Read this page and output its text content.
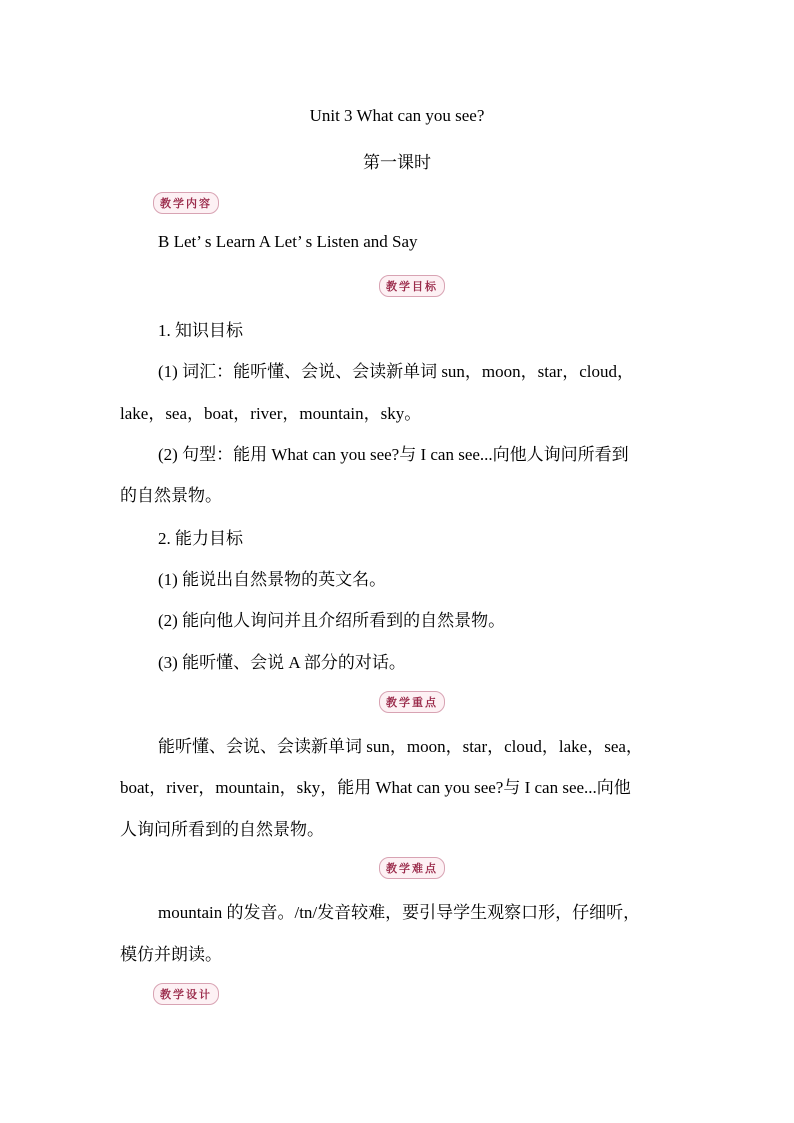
Unit 3 What can you see?
第一课时
教学内容
B Let’ s Learn A Let’ s Listen and Say
教学目标
1. 知识目标
(1) 词汇：能听懂、会说、会读新单词 sun，moon，star，cloud，
lake，sea，boat，river，mountain，sky。
(2) 句型：能用 What can you see?与 I can see...向他人询问所看到
的自然景物。
2. 能力目标
(1) 能说出自然景物的英文名。
(2) 能向他人询问并且介绍所看到的自然景物。
(3) 能听懂、会说 A 部分的对话。
教学重点
能听懂、会说、会读新单词 sun，moon，star，cloud，lake，sea，
boat，river，mountain，sky，能用 What can you see?与 I can see...向他
人询问所看到的自然景物。
教学难点
mountain 的发音。/tn/发音较难，要引导学生观察口形，仔细听，
模仿并朗读。
教学设计
